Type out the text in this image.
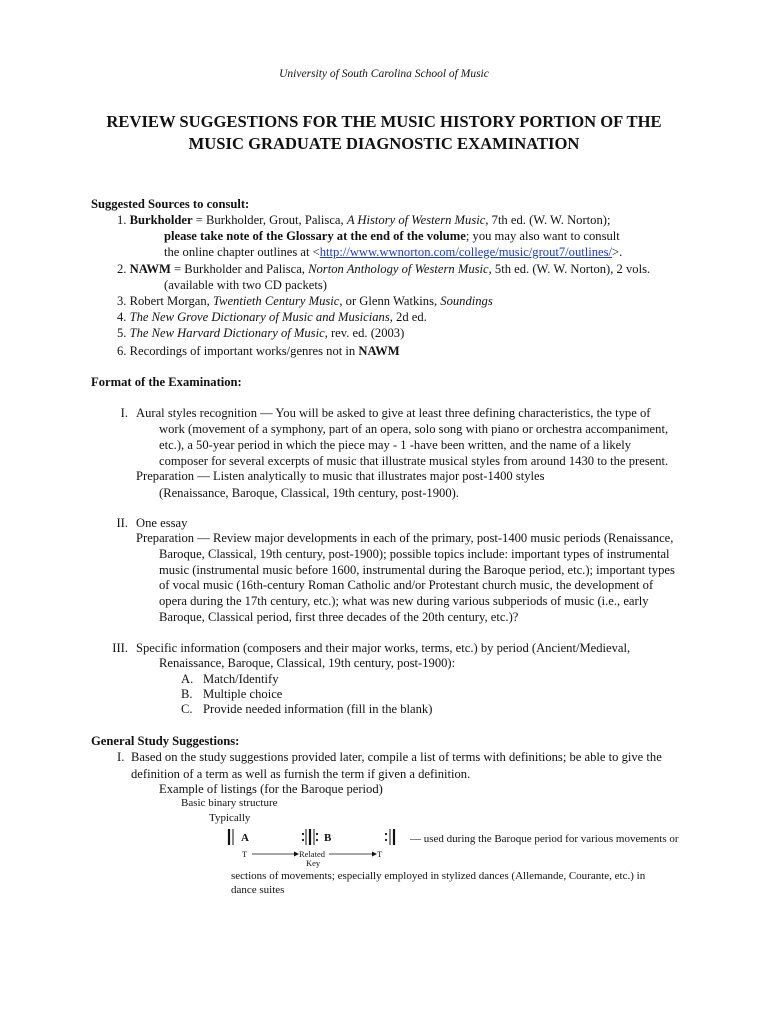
University of South Carolina School of Music
REVIEW SUGGESTIONS FOR THE MUSIC HISTORY PORTION OF THE
MUSIC GRADUATE DIAGNOSTIC EXAMINATION
Suggested Sources to consult:
1. Burkholder = Burkholder, Grout, Palisca, A History of Western Music, 7th ed. (W. W. Norton);
please take note of the Glossary at the end of the volume; you may also want to consult
the online chapter outlines at <http://www.wwnorton.com/college/music/grout7/outlines/>.
2. NAWM = Burkholder and Palisca, Norton Anthology of Western Music, 5th ed. (W. W. Norton), 2 vols.
(available with two CD packets)
3. Robert Morgan, Twentieth Century Music, or Glenn Watkins, Soundings
4. The New Grove Dictionary of Music and Musicians, 2d ed.
5. The New Harvard Dictionary of Music, rev. ed. (2003)
6. Recordings of important works/genres not in NAWM
Format of the Examination:
I. Aural styles recognition — You will be asked to give at least three defining characteristics, the type of
work (movement of a symphony, part of an opera, solo song with piano or orchestra accompaniment,
etc.), a 50-year period in which the piece may - 1 -have been written, and the name of a likely
composer for several excerpts of music that illustrate musical styles from around 1430 to the present.
Preparation — Listen analytically to music that illustrates major post-1400 styles
(Renaissance, Baroque, Classical, 19th century, post-1900).
II. One essay
Preparation — Review major developments in each of the primary, post-1400 music periods (Renaissance,
Baroque, Classical, 19th century, post-1900); possible topics include: important types of instrumental
music (instrumental music before 1600, instrumental during the Baroque period, etc.); important types
of vocal music (16th-century Roman Catholic and/or Protestant church music, the development of
opera during the 17th century, etc.); what was new during various subperiods of music (i.e., early
Baroque, Classical period, first three decades of the 20th century, etc.)?
III. Specific information (composers and their major works, terms, etc.) by period (Ancient/Medieval,
Renaissance, Baroque, Classical, 19th century, post-1900):
A. Match/Identify
B. Multiple choice
C. Provide needed information (fill in the blank)
General Study Suggestions:
I. Based on the study suggestions provided later, compile a list of terms with definitions; be able to give the
definition of a term as well as furnish the term if given a definition.
Example of listings (for the Baroque period)
Basic binary structure
Typically
A	B
T	T
Related
Key
— used during the Baroque period for various movements or
sections of movements; especially employed in stylized dances (Allemande, Courante, etc.) in
dance suites
